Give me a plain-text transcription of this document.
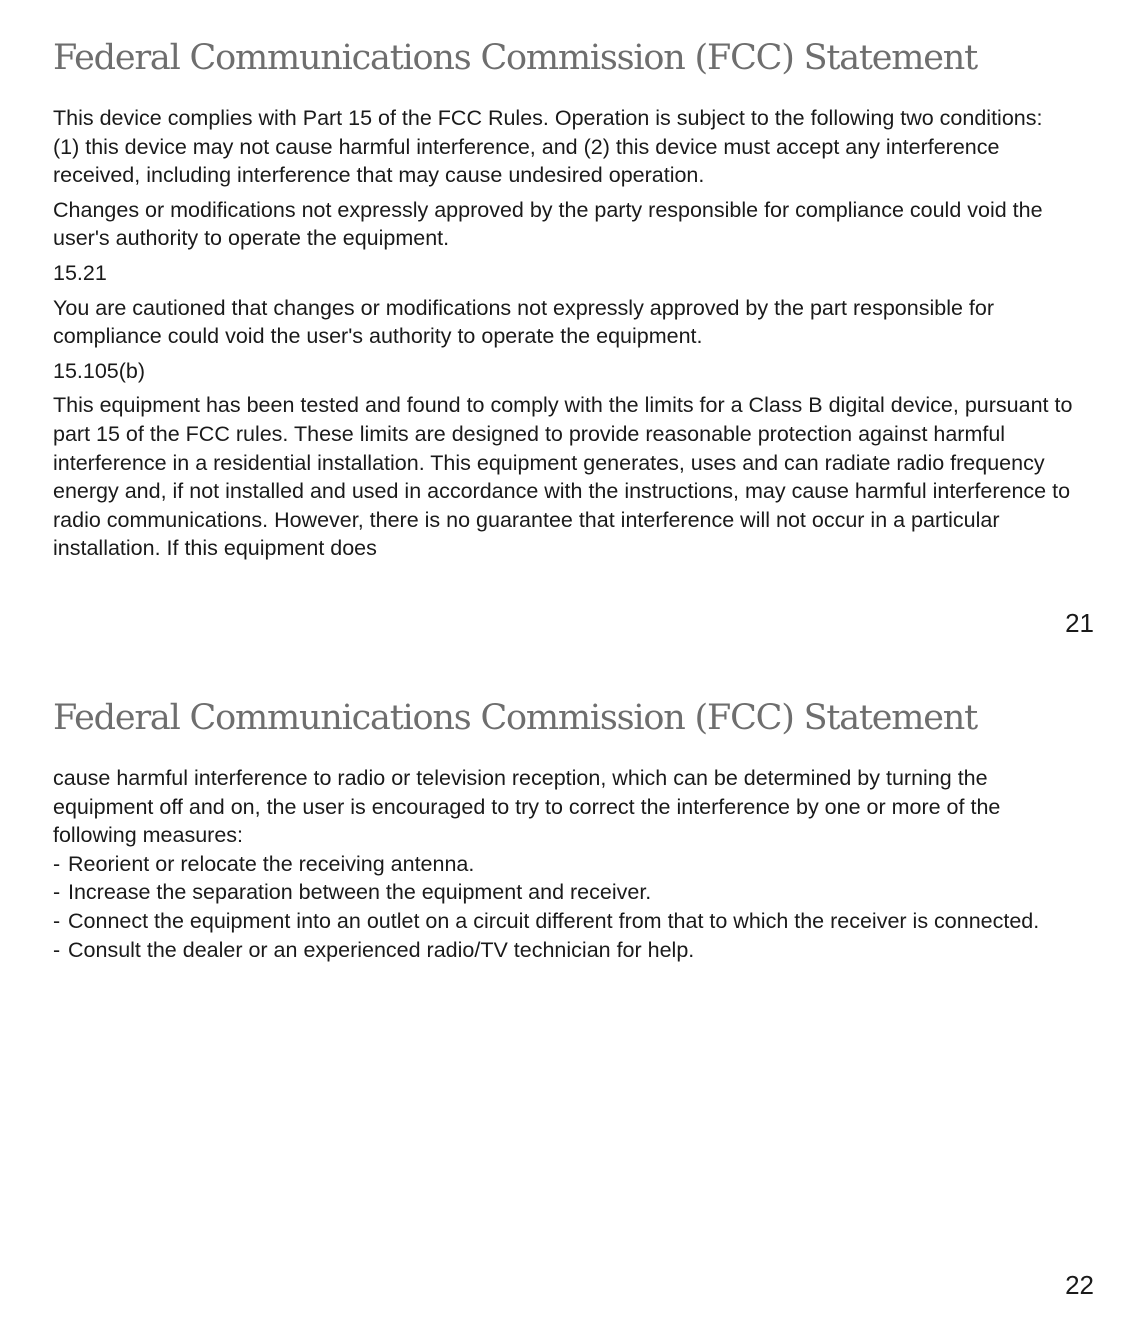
Federal Communications Commission (FCC) Statement

This device complies with Part 15 of the FCC Rules. Operation is subject to the following two conditions: (1) this device may not cause harmful interference, and (2) this device must accept any interference received, including interference that may cause undesired operation.

Changes or modifications not expressly approved by the party responsible for compliance could void the user's authority to operate the equipment.

15.21

You are cautioned that changes or modifications not expressly approved by the part responsible for compliance could void the user's authority to operate the equipment.

15.105(b)

This equipment has been tested and found to comply with the limits for a Class B digital device, pursuant to part 15 of the FCC rules. These limits are designed to provide reasonable protection against harmful interference in a residential installation. This equipment generates, uses and can radiate radio frequency energy and, if not installed and used in accordance with the instructions, may cause harmful interference to radio communications. However, there is no guarantee that interference will not occur in a particular installation. If this equipment does

21
Federal Communications Commission (FCC) Statement

cause harmful interference to radio or television reception, which can be determined by turning the equipment off and on, the user is encouraged to try to correct the interference by one or more of the following measures:

- Reorient or relocate the receiving antenna.
- Increase the separation between the equipment and receiver.
- Connect the equipment into an outlet on a circuit different from that to which the receiver is connected.
- Consult the dealer or an experienced radio/TV technician for help.
22
